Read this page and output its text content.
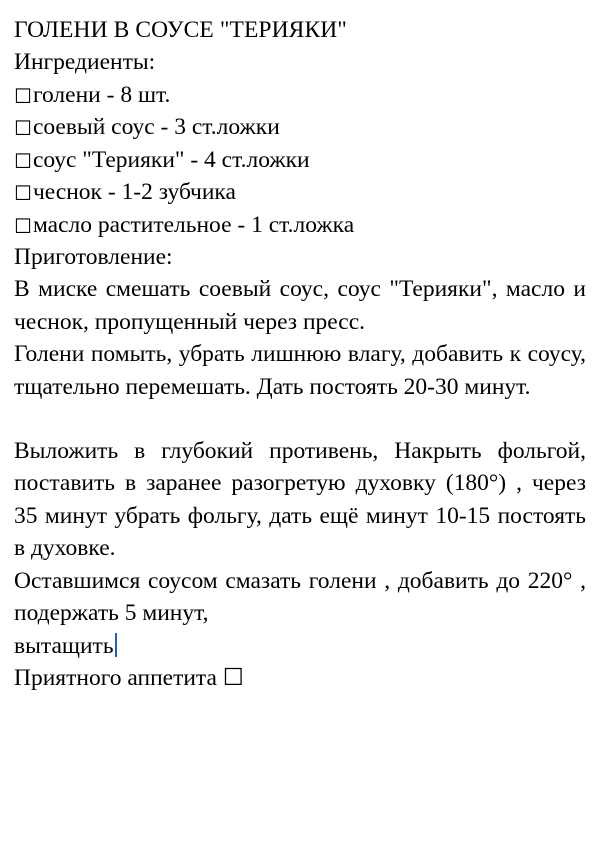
ГОЛЕНИ В СОУСЕ "ТЕРИЯКИ"
Ингредиенты:
☐голени - 8 шт.
☐соевый соус - 3 ст.ложки
☐соус "Терияки" - 4 ст.ложки
☐чеснок - 1-2 зубчика
☐масло растительное - 1 ст.ложка
Приготовление:

В миске смешать соевый соус, соус "Терияки", масло и чеснок, пропущенный через пресс.

Голени помыть, убрать лишнюю влагу, добавить к соусу, тщательно перемешать. Дать постоять 20-30 минут.

Выложить в глубокий противень, Накрыть фольгой, поставить в заранее разогретую духовку (180°) , через 35 минут убрать фольгу, дать ещё минут 10-15 постоять в духовке.

Оставшимся соусом смазать голени , добавить до 220° , подержать 5 минут,

вытащить
Приятного аппетита ☐
